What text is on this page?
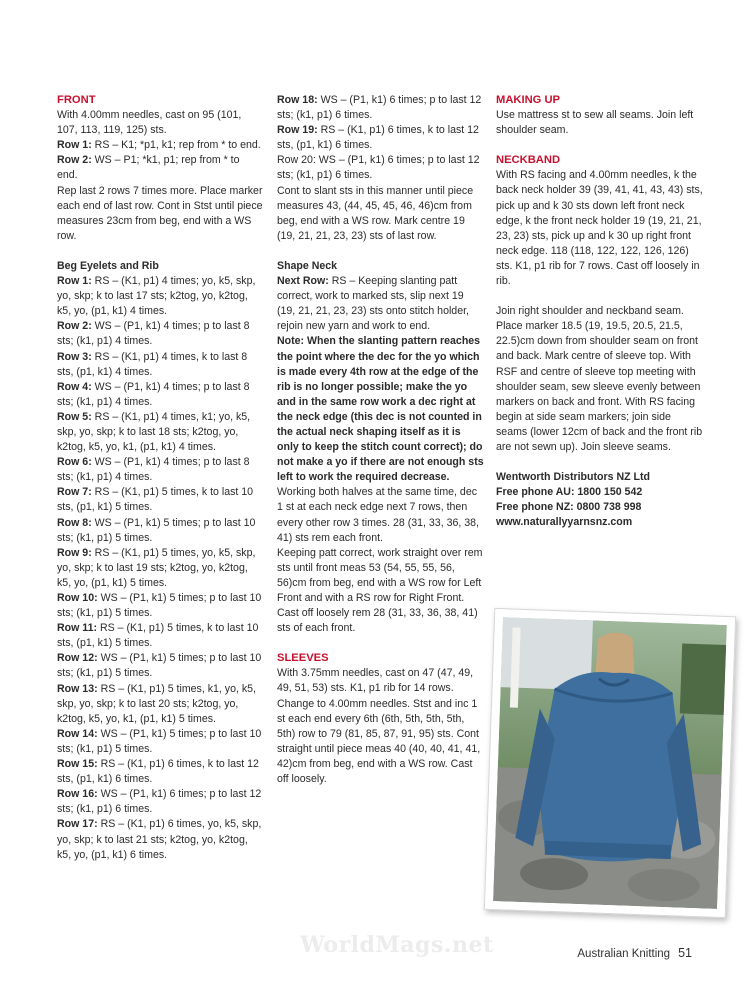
FRONT

With 4.00mm needles, cast on 95 (101, 107, 113, 119, 125) sts.

Row 1: RS – K1; *p1, k1; rep from * to end.

Row 2: WS – P1; *k1, p1; rep from * to end.

Rep last 2 rows 7 times more. Place marker each end of last row. Cont in Stst until piece measures 23cm from beg, end with a WS row.

Beg Eyelets and Rib

Row 1: RS – (K1, p1) 4 times; yo, k5, skp, yo, skp; k to last 17 sts; k2tog, yo, k2tog, k5, yo, (p1, k1) 4 times.

Row 2: WS – (P1, k1) 4 times; p to last 8 sts; (k1, p1) 4 times.

Row 3: RS – (K1, p1) 4 times, k to last 8 sts, (p1, k1) 4 times.

Row 4: WS – (P1, k1) 4 times; p to last 8 sts; (k1, p1) 4 times.

Row 5: RS – (K1, p1) 4 times, k1; yo, k5, skp, yo, skp; k to last 18 sts; k2tog, yo, k2tog, k5, yo, k1, (p1, k1) 4 times.

Row 6: WS – (P1, k1) 4 times; p to last 8 sts; (k1, p1) 4 times.

Row 7: RS – (K1, p1) 5 times, k to last 10 sts, (p1, k1) 5 times.

Row 8: WS – (P1, k1) 5 times; p to last 10 sts; (k1, p1) 5 times.

Row 9: RS – (K1, p1) 5 times, yo, k5, skp, yo, skp; k to last 19 sts; k2tog, yo, k2tog, k5, yo, (p1, k1) 5 times.

Row 10: WS – (P1, k1) 5 times; p to last 10 sts; (k1, p1) 5 times.

Row 11: RS – (K1, p1) 5 times, k to last 10 sts, (p1, k1) 5 times.

Row 12: WS – (P1, k1) 5 times; p to last 10 sts; (k1, p1) 5 times.

Row 13: RS – (K1, p1) 5 times, k1, yo, k5, skp, yo, skp; k to last 20 sts; k2tog, yo, k2tog, k5, yo, k1, (p1, k1) 5 times.

Row 14: WS – (P1, k1) 5 times; p to last 10 sts; (k1, p1) 5 times.

Row 15: RS – (K1, p1) 6 times, k to last 12 sts, (p1, k1) 6 times.

Row 16: WS – (P1, k1) 6 times; p to last 12 sts; (k1, p1) 6 times.

Row 17: RS – (K1, p1) 6 times, yo, k5, skp, yo, skp; k to last 21 sts; k2tog, yo, k2tog, k5, yo, (p1, k1) 6 times.

Row 18: WS – (P1, k1) 6 times; p to last 12 sts; (k1, p1) 6 times.

Row 19: RS – (K1, p1) 6 times, k to last 12 sts, (p1, k1) 6 times.

Row 20: WS – (P1, k1) 6 times; p to last 12 sts; (k1, p1) 6 times.

Cont to slant sts in this manner until piece measures 43, (44, 45, 45, 46, 46)cm from beg, end with a WS row. Mark centre 19 (19, 21, 21, 23, 23) sts of last row.

Shape Neck

Next Row: RS – Keeping slanting patt correct, work to marked sts, slip next 19 (19, 21, 21, 23, 23) sts onto stitch holder, rejoin new yarn and work to end.

Note: When the slanting pattern reaches the point where the dec for the yo which is made every 4th row at the edge of the rib is no longer possible; make the yo and in the same row work a dec right at the neck edge (this dec is not counted in the actual neck shaping itself as it is only to keep the stitch count correct); do not make a yo if there are not enough sts left to work the required decrease.

Working both halves at the same time, dec 1 st at each neck edge next 7 rows, then every other row 3 times. 28 (31, 33, 36, 38, 41) sts rem each front.

Keeping patt correct, work straight over rem sts until front meas 53 (54, 55, 55, 56, 56)cm from beg, end with a WS row for Left Front and with a RS row for Right Front.

Cast off loosely rem 28 (31, 33, 36, 38, 41) sts of each front.

SLEEVES

With 3.75mm needles, cast on 47 (47, 49, 49, 51, 53) sts. K1, p1 rib for 14 rows. Change to 4.00mm needles. Stst and inc 1 st each end every 6th (6th, 5th, 5th, 5th, 5th) row to 79 (81, 85, 87, 91, 95) sts. Cont straight until piece meas 40 (40, 40, 41, 41, 42)cm from beg, end with a WS row. Cast off loosely.

MAKING UP

Use mattress st to sew all seams. Join left shoulder seam.

NECKBAND

With RS facing and 4.00mm needles, k the back neck holder 39 (39, 41, 41, 43, 43) sts, pick up and k 30 sts down left front neck edge, k the front neck holder 19 (19, 21, 21, 23, 23) sts, pick up and k 30 up right front neck edge. 118 (118, 122, 122, 126, 126) sts. K1, p1 rib for 7 rows. Cast off loosely in rib.

Join right shoulder and neckband seam. Place marker 18.5 (19, 19.5, 20.5, 21.5, 22.5)cm down from shoulder seam on front and back. Mark centre of sleeve top. With RSF and centre of sleeve top meeting with shoulder seam, sew sleeve evenly between markers on back and front. With RS facing begin at side seam markers; join side seams (lower 12cm of back and the front rib are not sewn up). Join sleeve seams.

Wentworth Distributors NZ Ltd

Free phone AU: 1800 150 542

Free phone NZ: 0800 738 998

www.naturallyyarnsnz.com

WorldMags.net	Australian Knitting 51
